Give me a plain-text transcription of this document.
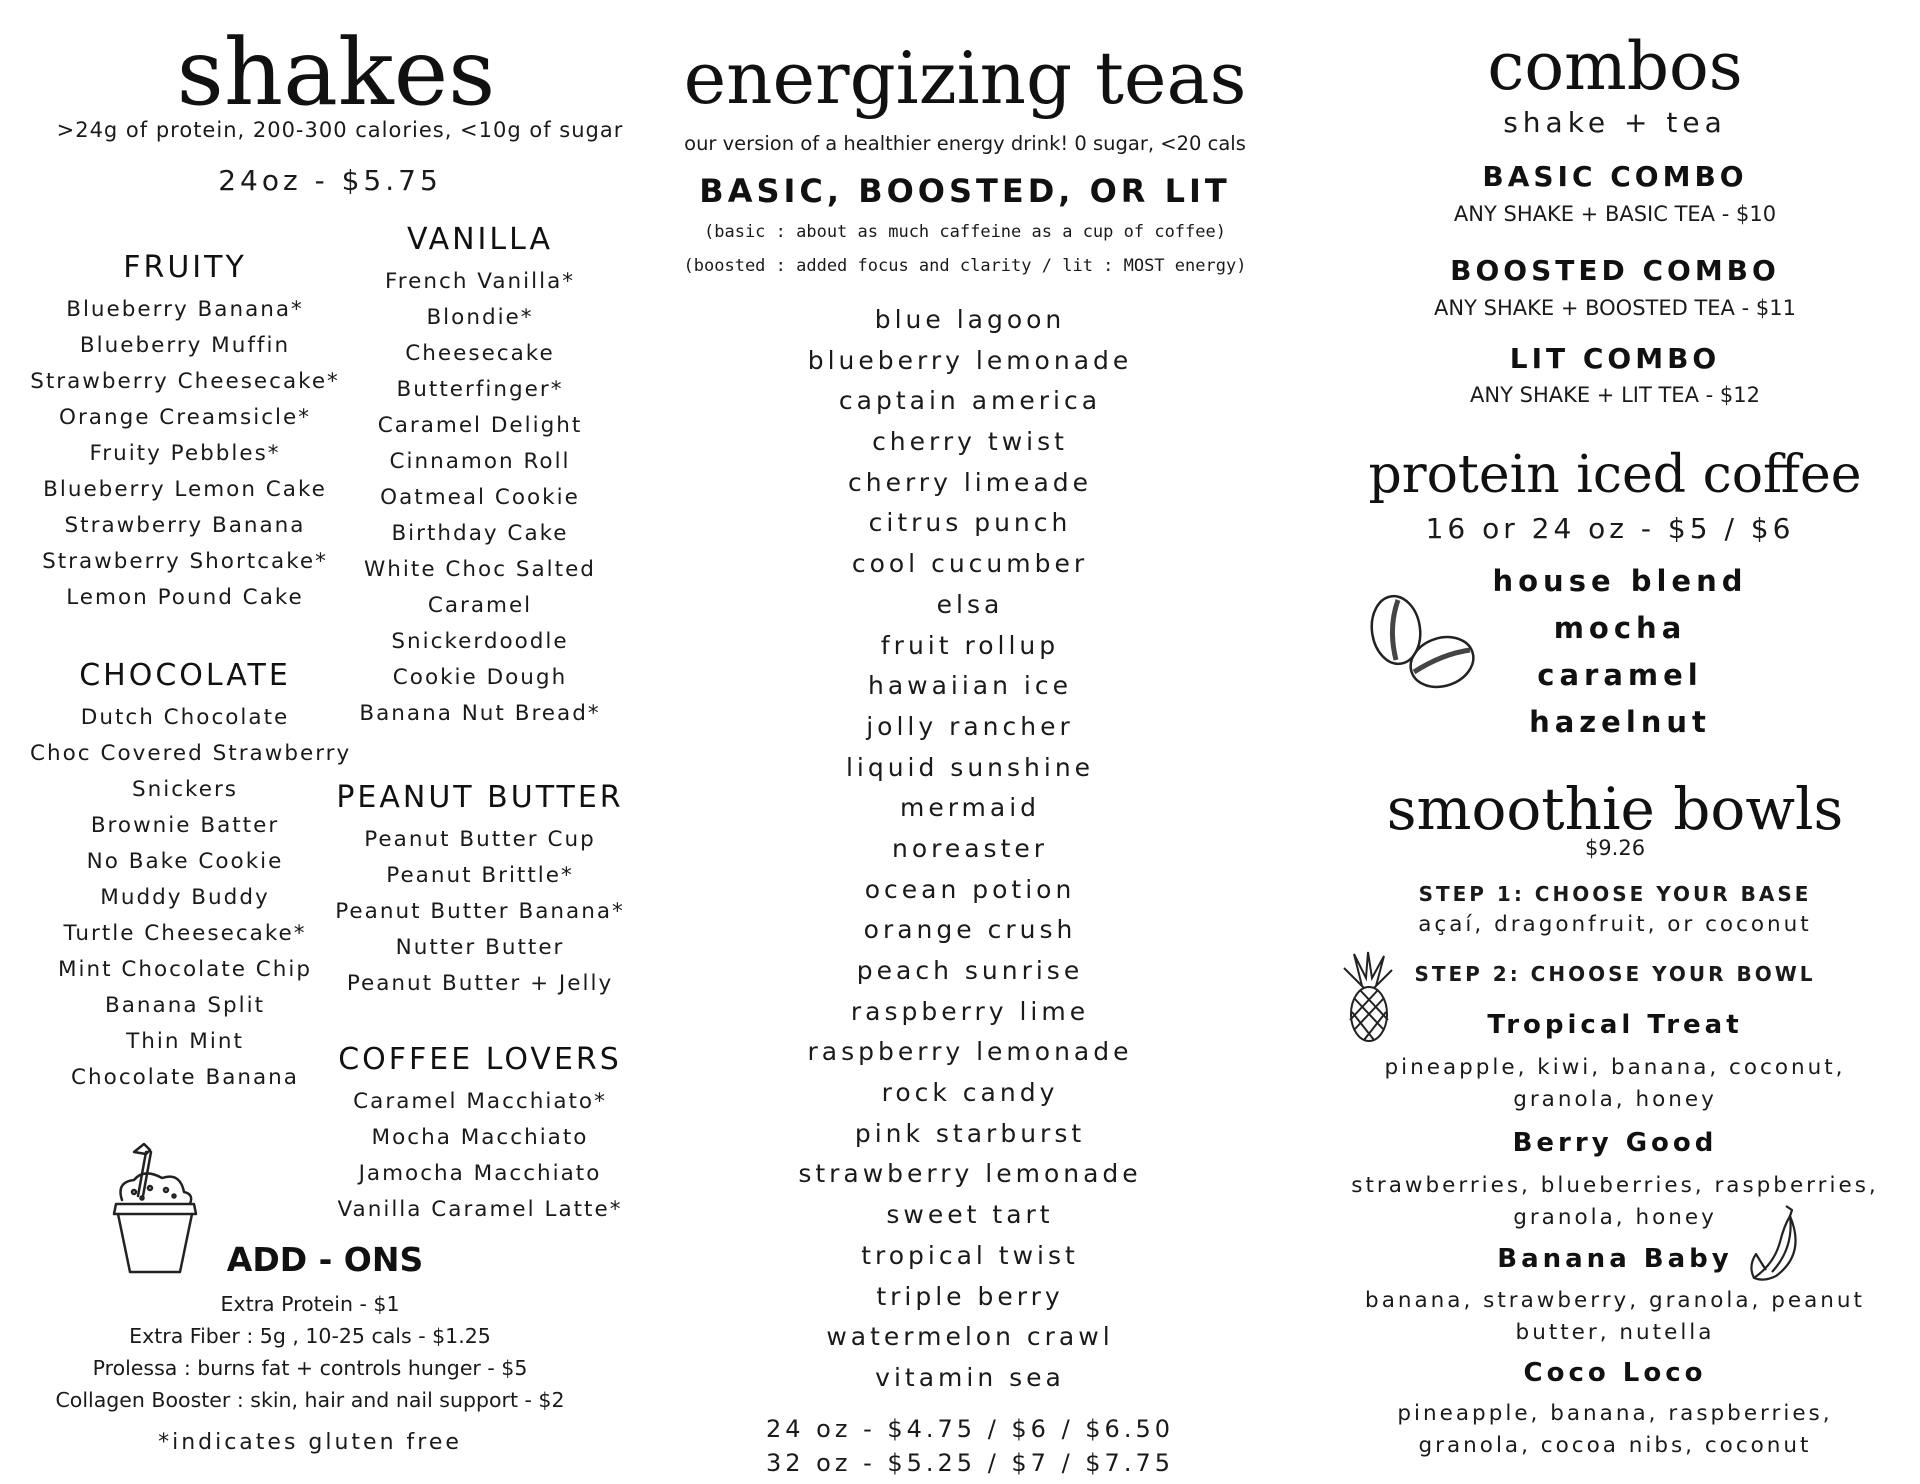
shakes
>24g of protein, 200-300 calories, <10g of sugar
24oz - $5.75
FRUITY
Blueberry Banana*
Blueberry Muffin
Strawberry Cheesecake*
Orange Creamsicle*
Fruity Pebbles*
Blueberry Lemon Cake
Strawberry Banana
Strawberry Shortcake*
Lemon Pound Cake
VANILLA
French Vanilla*
Blondie*
Cheesecake
Butterfinger*
Caramel Delight
Cinnamon Roll
Oatmeal Cookie
Birthday Cake
White Choc Salted
Caramel
Snickerdoodle
Cookie Dough
Banana Nut Bread*
CHOCOLATE
Dutch Chocolate
Choc Covered Strawberry
Snickers
Brownie Batter
No Bake Cookie
Muddy Buddy
Turtle Cheesecake*
Mint Chocolate Chip
Banana Split
Thin Mint
Chocolate Banana
PEANUT BUTTER
Peanut Butter Cup
Peanut Brittle*
Peanut Butter Banana*
Nutter Butter
Peanut Butter + Jelly
COFFEE LOVERS
Caramel Macchiato*
Mocha Macchiato
Jamocha Macchiato
Vanilla Caramel Latte*
ADD - ONS
Extra Protein - $1
Extra Fiber : 5g , 10-25 cals - $1.25
Prolessa : burns fat + controls hunger - $5
Collagen Booster : skin, hair and nail support - $2
*indicates gluten free
energizing teas
our version of a healthier energy drink! 0 sugar, <20 cals
BASIC, BOOSTED, OR LIT
(basic : about as much caffeine as a cup of coffee)
(boosted : added focus and clarity / lit : MOST energy)
blue lagoon
blueberry lemonade
captain america
cherry twist
cherry limeade
citrus punch
cool cucumber
elsa
fruit rollup
hawaiian ice
jolly rancher
liquid sunshine
mermaid
noreaster
ocean potion
orange crush
peach sunrise
raspberry lime
raspberry lemonade
rock candy
pink starburst
strawberry lemonade
sweet tart
tropical twist
triple berry
watermelon crawl
vitamin sea
24 oz - $4.75 / $6 / $6.50
32 oz - $5.25 / $7 / $7.75
combos
shake + tea
BASIC COMBO
ANY SHAKE + BASIC TEA - $10
BOOSTED COMBO
ANY SHAKE + BOOSTED TEA - $11
LIT COMBO
ANY SHAKE + LIT TEA - $12
protein iced coffee
16 or 24 oz - $5 / $6
house blend
mocha
caramel
hazelnut
smoothie bowls
$9.26
STEP 1: CHOOSE YOUR BASE
açaí, dragonfruit, or coconut
STEP 2: CHOOSE YOUR BOWL
Tropical Treat
pineapple, kiwi, banana, coconut,
granola, honey
Berry Good
strawberries, blueberries, raspberries,
granola, honey
Banana Baby
banana, strawberry, granola, peanut
butter, nutella
Coco Loco
pineapple, banana, raspberries,
granola, cocoa nibs, coconut
